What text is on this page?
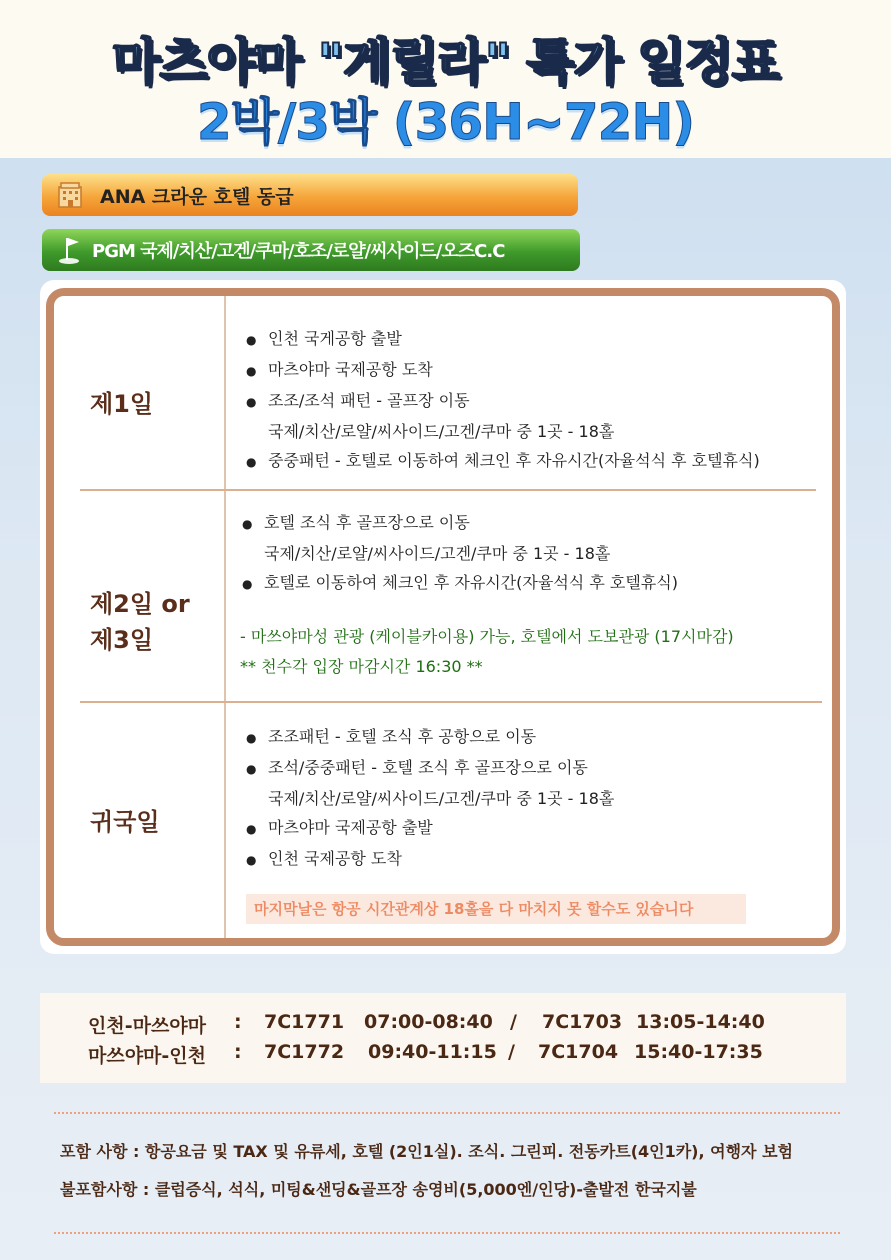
마츠야마 "게릴라" 특가 일정표
2박/3박 (36H~72H)
ANA 크라운 호텔 동급
PGM 국제/치산/고겐/쿠마/호조/로얄/씨사이드/오즈C.C
제1일
● 인천 국게공항 출발
● 마츠야마 국제공항 도착
● 조조/조석 패턴 - 골프장 이동
국제/치산/로얄/씨사이드/고겐/쿠마 중 1곳 - 18홀
● 중중패턴 - 호텔로 이동하여 체크인 후 자유시간(자율석식 후 호텔휴식)
제2일 or
제3일
● 호텔 조식 후 골프장으로 이동
국제/치산/로얄/씨사이드/고겐/쿠마 중 1곳 - 18홀
● 호텔로 이동하여 체크인 후 자유시간(자율석식 후 호텔휴식)
- 마쓰야마성 관광 (케이블카이용) 가능, 호텔에서 도보관광 (17시마감)
** 천수각 입장 마감시간 16:30 **
귀국일
● 조조패턴 - 호텔 조식 후 공항으로 이동
● 조석/중중패턴 - 호텔 조식 후 골프장으로 이동
국제/치산/로얄/씨사이드/고겐/쿠마 중 1곳 - 18홀
● 마츠야마 국제공항 출발
● 인천 국제공항 도착
마지막날은 항공 시간관계상 18홀을 다 마치지 못 할수도 있습니다
인천-마쓰야마 : 7C1771 07:00-08:40 / 7C1703 13:05-14:40
마쓰야마-인천 : 7C1772 09:40-11:15 / 7C1704 15:40-17:35
포함 사항 : 항공요금 및 TAX 및 유류세, 호텔 (2인1실). 조식. 그린피. 전동카트(4인1카), 여행자 보험
불포함사항 : 클럽증식, 석식, 미팅&샌딩&골프장 송영비(5,000엔/인당)-출발전 한국지불
